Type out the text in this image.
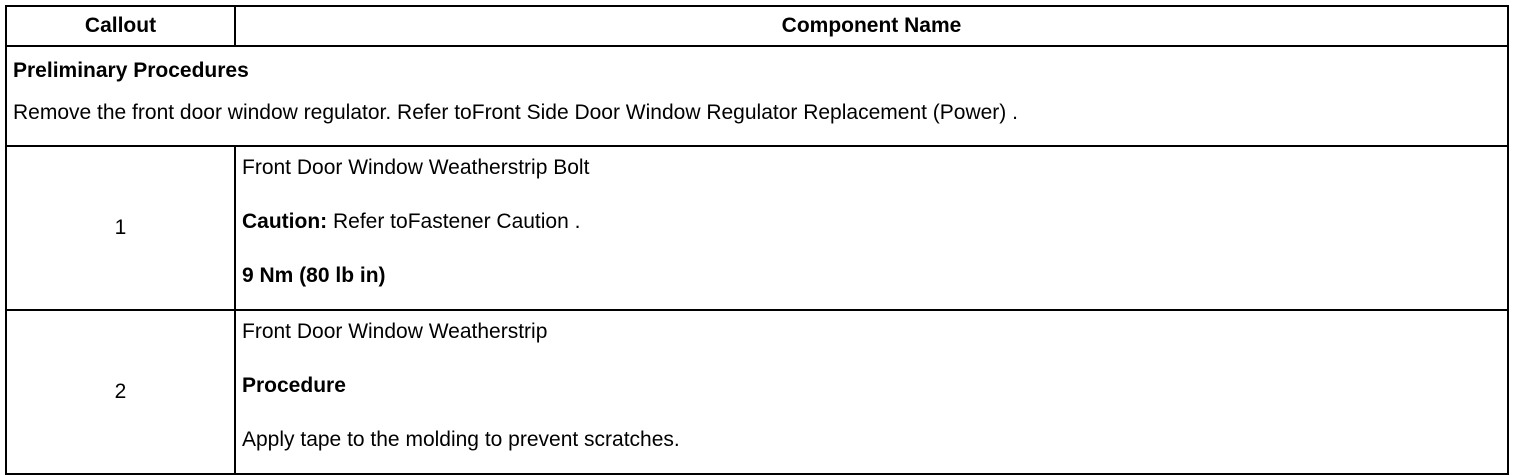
Callout	Component Name

Preliminary Procedures

Remove the front door window regulator. Refer toFront Side Door Window Regulator Replacement (Power) .	

1	Front Door Window Weatherstrip Bolt

Caution: Refer toFastener Caution .

9 Nm (80 lb in)

2	Front Door Window Weatherstrip

Procedure

Apply tape to the molding to prevent scratches.
